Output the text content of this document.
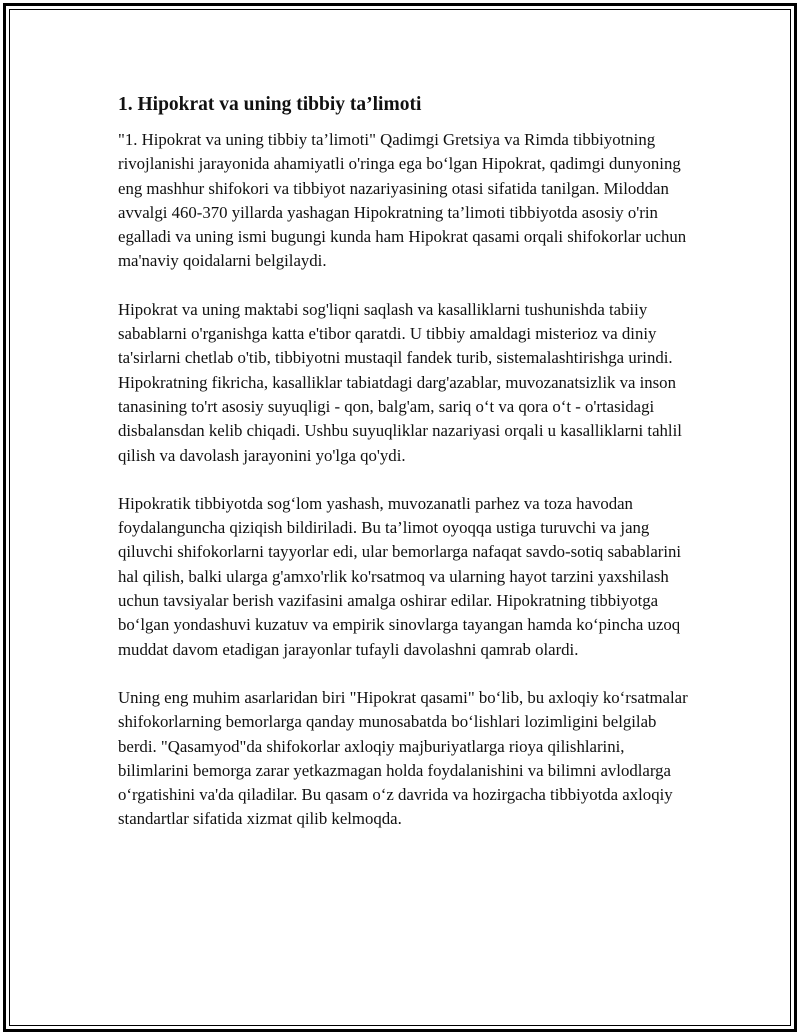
1. Hipokrat va uning tibbiy ta’limoti

"1. Hipokrat va uning tibbiy ta’limoti" Qadimgi Gretsiya va Rimda tibbiyotning rivojlanishi jarayonida ahamiyatli o'ringa ega bo‘lgan Hipokrat, qadimgi dunyoning eng mashhur shifokori va tibbiyot nazariyasining otasi sifatida tanilgan. Miloddan avvalgi 460-370 yillarda yashagan Hipokratning ta’limoti tibbiyotda asosiy o'rin egalladi va uning ismi bugungi kunda ham Hipokrat qasami orqali shifokorlar uchun ma'naviy qoidalarni belgilaydi.

Hipokrat va uning maktabi sog'liqni saqlash va kasalliklarni tushunishda tabiiy sabablarni o'rganishga katta e'tibor qaratdi. U tibbiy amaldagi misterioz va diniy ta'sirlarni chetlab o'tib, tibbiyotni mustaqil fandek turib, sistemalashtirishga urindi. Hipokratning fikricha, kasalliklar tabiatdagi darg'azablar, muvozanatsizlik va inson tanasining to'rt asosiy suyuqligi - qon, balg'am, sariq o‘t va qora o‘t - o'rtasidagi disbalansdan kelib chiqadi. Ushbu suyuqliklar nazariyasi orqali u kasalliklarni tahlil qilish va davolash jarayonini yo'lga qo'ydi.

Hipokratik tibbiyotda sog‘lom yashash, muvozanatli parhez va toza havodan foydalanguncha qiziqish bildiriladi. Bu ta’limot oyoqqa ustiga turuvchi va jang qiluvchi shifokorlarni tayyorlar edi, ular bemorlarga nafaqat savdo-sotiq sabablarini hal qilish, balki ularga g'amxo'rlik ko'rsatmoq va ularning hayot tarzini yaxshilash uchun tavsiyalar berish vazifasini amalga oshirar edilar. Hipokratning tibbiyotga bo‘lgan yondashuvi kuzatuv va empirik sinovlarga tayangan hamda ko‘pincha uzoq muddat davom etadigan jarayonlar tufayli davolashni qamrab olardi.

Uning eng muhim asarlaridan biri "Hipokrat qasami" bo‘lib, bu axloqiy ko‘rsatmalar shifokorlarning bemorlarga qanday munosabatda bo‘lishlari lozimligini belgilab berdi. "Qasamyod"da shifokorlar axloqiy majburiyatlarga rioya qilishlarini, bilimlarini bemorga zarar yetkazmagan holda foydalanishini va bilimni avlodlarga o‘rgatishini va'da qiladilar. Bu qasam o‘z davrida va hozirgacha tibbiyotda axloqiy standartlar sifatida xizmat qilib kelmoqda.
